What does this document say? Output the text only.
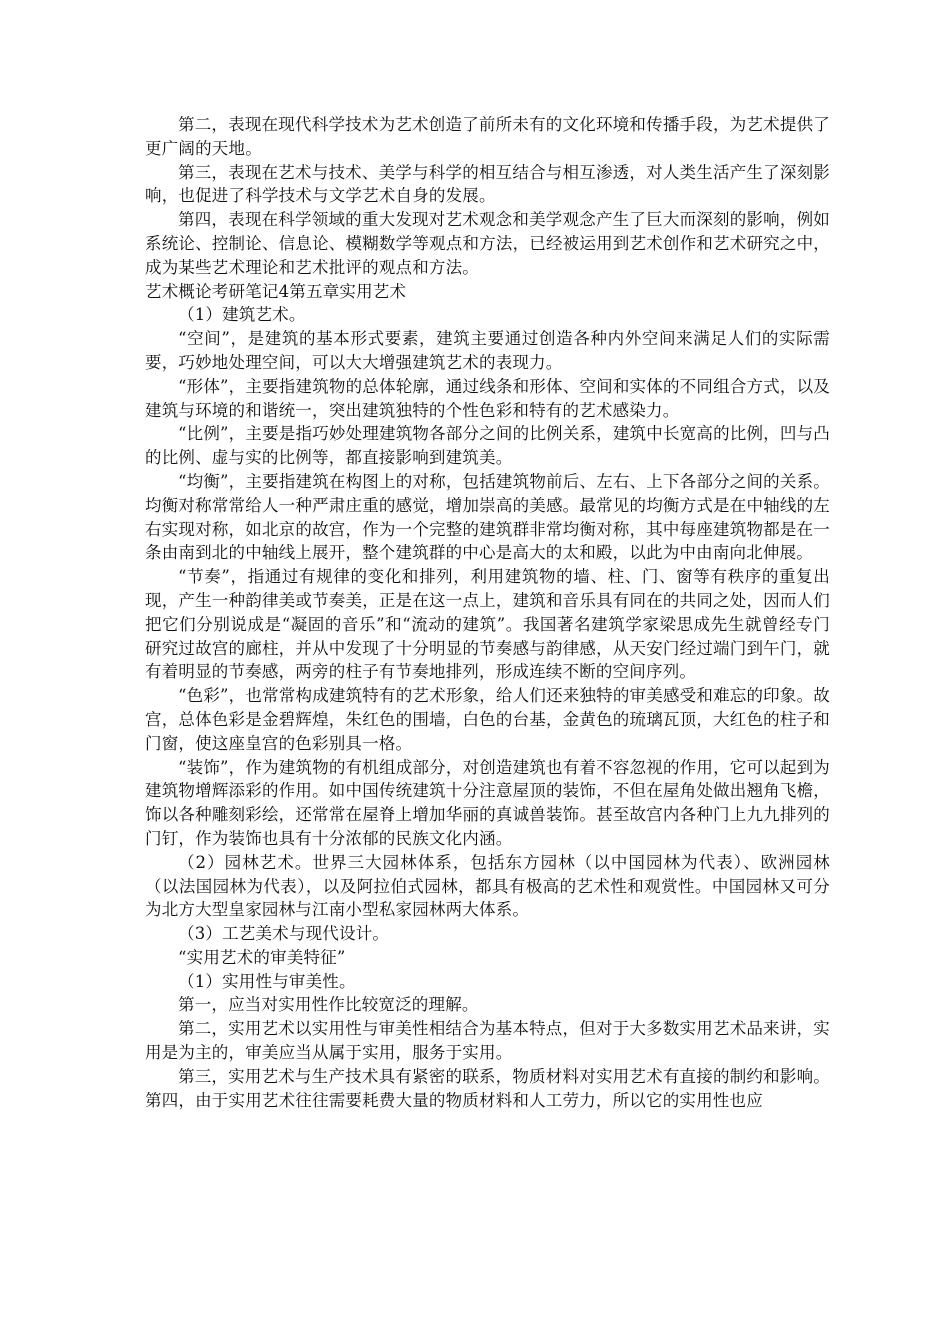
第二，表现在现代科学技术为艺术创造了前所未有的文化环境和传播手段，为艺术提供了更广阔的天地。

第三，表现在艺术与技术、美学与科学的相互结合与相互渗透，对人类生活产生了深刻影响，也促进了科学技术与文学艺术自身的发展。

第四，表现在科学领域的重大发现对艺术观念和美学观念产生了巨大而深刻的影响，例如系统论、控制论、信息论、模糊数学等观点和方法，已经被运用到艺术创作和艺术研究之中，成为某些艺术理论和艺术批评的观点和方法。

艺术概论考研笔记4第五章实用艺术

（1）建筑艺术。

“空间”，是建筑的基本形式要素，建筑主要通过创造各种内外空间来满足人们的实际需要，巧妙地处理空间，可以大大增强建筑艺术的表现力。

“形体”，主要指建筑物的总体轮廓，通过线条和形体、空间和实体的不同组合方式，以及建筑与环境的和谐统一，突出建筑独特的个性色彩和特有的艺术感染力。

“比例”，主要是指巧妙处理建筑物各部分之间的比例关系，建筑中长宽高的比例，凹与凸的比例、虚与实的比例等，都直接影响到建筑美。

“均衡”，主要指建筑在构图上的对称，包括建筑物前后、左右、上下各部分之间的关系。均衡对称常常给人一种严肃庄重的感觉，增加崇高的美感。最常见的均衡方式是在中轴线的左右实现对称，如北京的故宫，作为一个完整的建筑群非常均衡对称，其中每座建筑物都是在一条由南到北的中轴线上展开，整个建筑群的中心是高大的太和殿，以此为中由南向北伸展。

“节奏”，指通过有规律的变化和排列，利用建筑物的墙、柱、门、窗等有秩序的重复出现，产生一种韵律美或节奏美，正是在这一点上，建筑和音乐具有同在的共同之处，因而人们把它们分别说成是“凝固的音乐”和“流动的建筑”。我国著名建筑学家梁思成先生就曾经专门研究过故宫的廊柱，并从中发现了十分明显的节奏感与韵律感，从天安门经过端门到午门，就有着明显的节奏感，两旁的柱子有节奏地排列，形成连续不断的空间序列。

“色彩”，也常常构成建筑特有的艺术形象，给人们还来独特的审美感受和难忘的印象。故宫，总体色彩是金碧辉煌，朱红色的围墙，白色的台基，金黄色的琉璃瓦顶，大红色的柱子和门窗，使这座皇宫的色彩别具一格。

“装饰”，作为建筑物的有机组成部分，对创造建筑也有着不容忽视的作用，它可以起到为建筑物增辉添彩的作用。如中国传统建筑十分注意屋顶的装饰，不但在屋角处做出翘角飞檐，饰以各种雕刻彩绘，还常常在屋脊上增加华丽的真诚兽装饰。甚至故宫内各种门上九九排列的门钉，作为装饰也具有十分浓郁的民族文化内涵。

（2）园林艺术。世界三大园林体系，包括东方园林（以中国园林为代表）、欧洲园林（以法国园林为代表），以及阿拉伯式园林，都具有极高的艺术性和观赏性。中国园林又可分为北方大型皇家园林与江南小型私家园林两大体系。

（3）工艺美术与现代设计。

“实用艺术的审美特征”

（1）实用性与审美性。

第一，应当对实用性作比较宽泛的理解。

第二，实用艺术以实用性与审美性相结合为基本特点，但对于大多数实用艺术品来讲，实用是为主的，审美应当从属于实用，服务于实用。

第三，实用艺术与生产技术具有紧密的联系，物质材料对实用艺术有直接的制约和影响。第四，由于实用艺术往往需要耗费大量的物质材料和人工劳力，所以它的实用性也应
